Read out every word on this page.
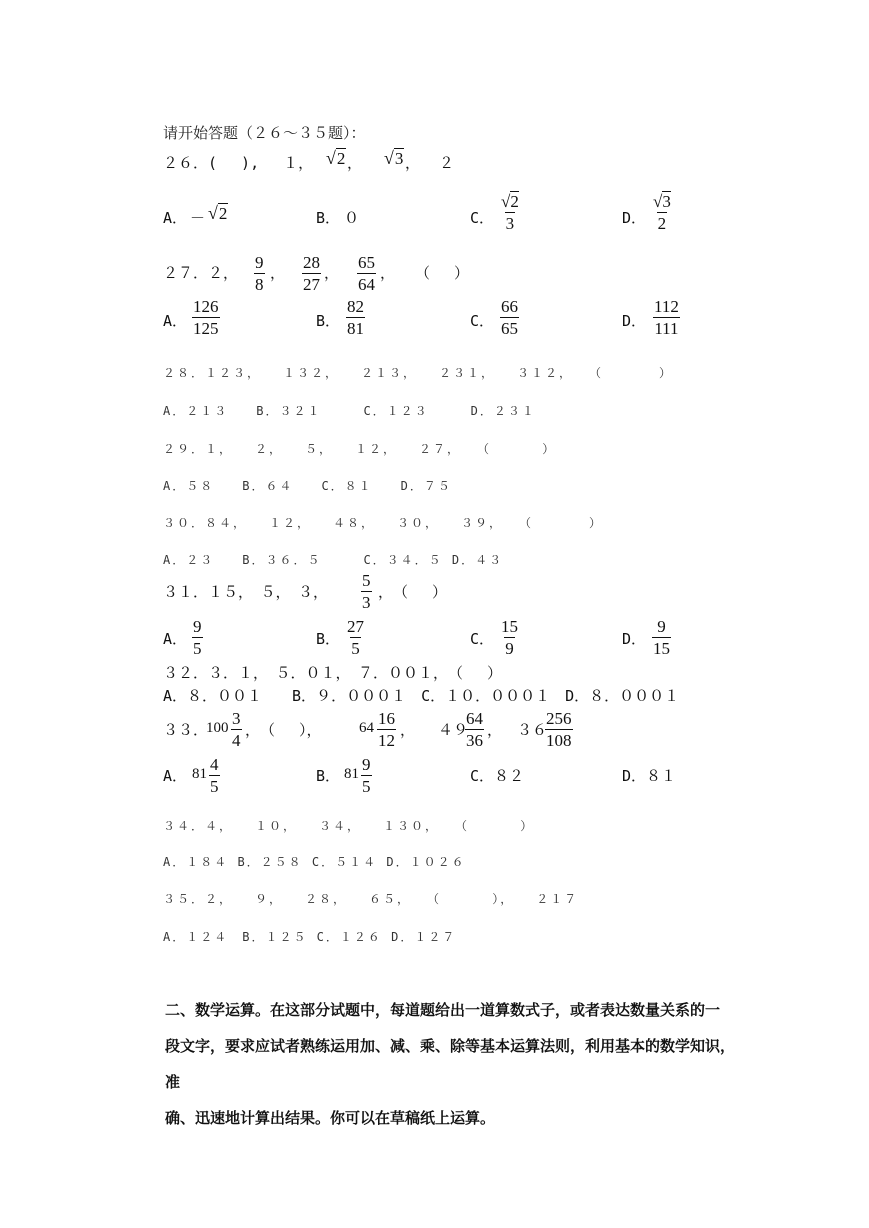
请开始答题（２６～３５题）：
２６．(　 ),　 １， √2 ， √3 ， ２
A． － √2	B． ０	C． $\frac{√2}{3}$	D． $\frac{√3}{2}$
２７．２， $\frac{9}{8}$ ， $\frac{28}{27}$ ， $\frac{65}{64}$ ， （　 ）
A． $\frac{126}{125}$	B． $\frac{82}{81}$	C． $\frac{66}{65}$	D． $\frac{112}{111}$
２８．１２３，　　１３２，　　２１３，　　２３１，　　３１２，　　（　　　　）
A．２１３　　B．３２１　　　C．１２３　　　D．２３１
２９．１，　　２，　　５，　　１２，　　２７，　　（　　　 ）
A．５８　　B．６４　　C．８１　　D．７５
３０．８４，　　１２，　　４８，　　３０，　　３９，　　（　　　　）
A．２３　　B．３６．５　　　C．３４．５ D．４３
３１．１５，　５，　３， $\frac{5}{3}$ ，　（　 ）
A． $\frac{9}{5}$	B． $\frac{27}{5}$	C． $\frac{15}{9}$	D． $\frac{9}{15}$
３２．３．１，　５．０１，　７．００１，　（　 ）
A．８．００１　　B．９．０００１　C．１０．０００１　D．８．０００１
３３．
$100 \frac{3}{4}$ ，　（　 ）， $64 \frac{16}{12}$ ， ４９
$\frac{64}{36}$ ， ３６
$\frac{256}{108}$
A． $81 \frac{4}{5}$	B． $81 \frac{9}{5}$	C．８２	D．８１
３４．４，　　１０，　　３４，　　１３０，　　（　　　 ）
A．１８４ B．２５８ C．５１４ D．１０２６
３５．２，　　９，　　２８，　　６５，　　（　　　 ），　　２１７
A．１２４　B．１２５ C．１２６ D．１２７
二、数学运算。在这部分试题中，每道题给出一道算数式子，或者表达数量关系的一
段文字，要求应试者熟练运用加、减、乘、除等基本运算法则，利用基本的数学知识，准
确、迅速地计算出结果。你可以在草稿纸上运算。
